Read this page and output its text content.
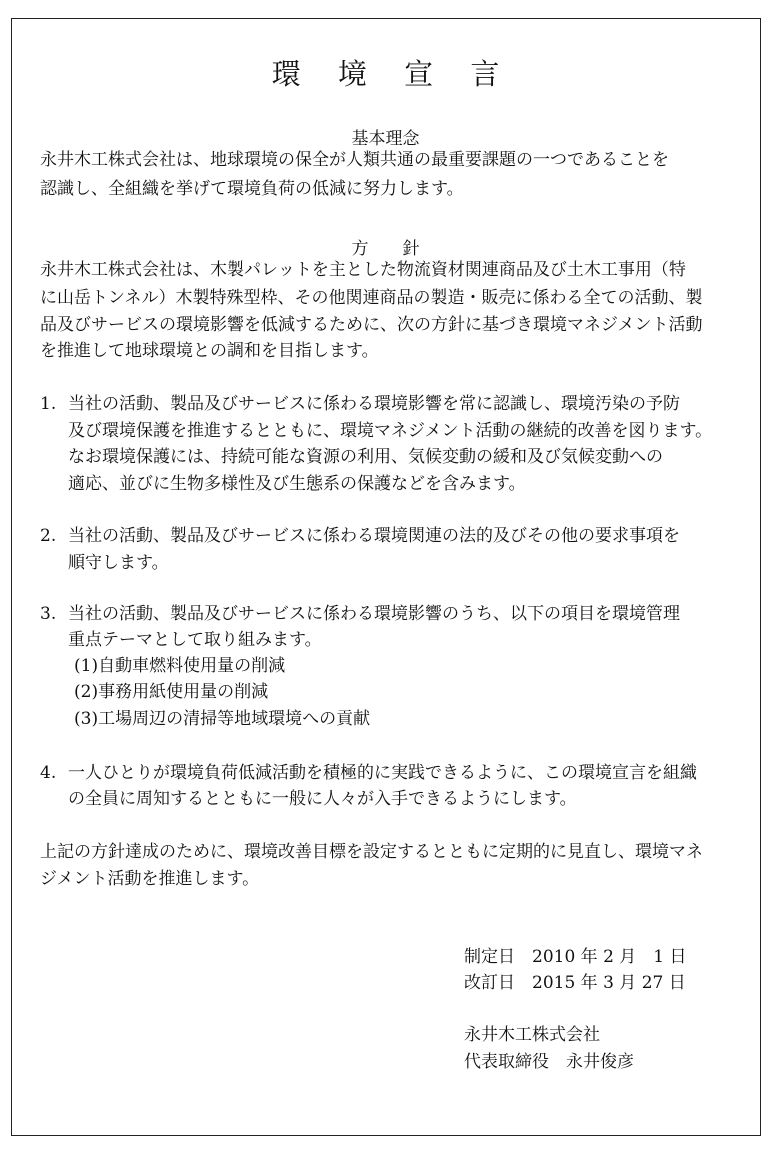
環 境 宣 言
基本理念
永井木工株式会社は、地球環境の保全が人類共通の最重要課題の一つであることを
認識し、全組織を挙げて環境負荷の低減に努力します。
方　　針
永井木工株式会社は、木製パレットを主とした物流資材関連商品及び土木工事用（特
に山岳トンネル）木製特殊型枠、その他関連商品の製造・販売に係わる全ての活動、製
品及びサービスの環境影響を低減するために、次の方針に基づき環境マネジメント活動
を推進して地球環境との調和を目指します。
1. 当社の活動、製品及びサービスに係わる環境影響を常に認識し、環境汚染の予防
及び環境保護を推進するとともに、環境マネジメント活動の継続的改善を図ります。
なお環境保護には、持続可能な資源の利用、気候変動の緩和及び気候変動への
適応、並びに生物多様性及び生態系の保護などを含みます。
2. 当社の活動、製品及びサービスに係わる環境関連の法的及びその他の要求事項を
順守します。
3. 当社の活動、製品及びサービスに係わる環境影響のうち、以下の項目を環境管理
重点テーマとして取り組みます。
(1)自動車燃料使用量の削減
(2)事務用紙使用量の削減
(3)工場周辺の清掃等地域環境への貢献
4. 一人ひとりが環境負荷低減活動を積極的に実践できるように、この環境宣言を組織
の全員に周知するとともに一般に人々が入手できるようにします。
上記の方針達成のために、環境改善目標を設定するとともに定期的に見直し、環境マネ
ジメント活動を推進します。
制定日　2010 年 2 月　1 日
改訂日　2015 年 3 月 27 日
永井木工株式会社
代表取締役　永井俊彦
